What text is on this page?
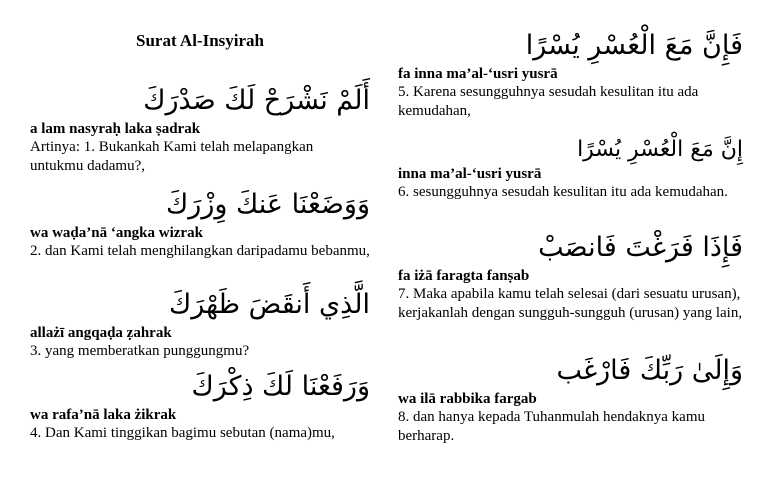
Surat Al-Insyirah
أَلَمْ نَشْرَحْ لَكَ صَدْرَكَ
a lam nasyraḥ laka ṣadrak
Artinya: 1. Bukankah Kami telah melapangkan untukmu dadamu?,
وَوَضَعْنَا عَنكَ وِزْرَكَ
wa waḍa’nā ‘angka wizrak
2. dan Kami telah menghilangkan daripadamu bebanmu,
الَّذِي أَنقَضَ ظَهْرَكَ
allażī angqaḍa ẓahrak
3. yang memberatkan punggungmu?
وَرَفَعْنَا لَكَ ذِكْرَكَ
wa rafa’nā laka żikrak
4. Dan Kami tinggikan bagimu sebutan (nama)mu,
فَإِنَّ مَعَ الْعُسْرِ يُسْرًا
fa inna ma’al-‘usri yusrā
5. Karena sesungguhnya sesudah kesulitan itu ada kemudahan,
إِنَّ مَعَ الْعُسْرِ يُسْرًا
inna ma’al-‘usri yusrā
6. sesungguhnya sesudah kesulitan itu ada kemudahan.
فَإِذَا فَرَغْتَ فَانصَبْ
fa iżā faragta fanṣab
7. Maka apabila kamu telah selesai (dari sesuatu urusan), kerjakanlah dengan sungguh-sungguh (urusan) yang lain,
وَإِلَىٰ رَبِّكَ فَارْغَب
wa ilā rabbika fargab
8. dan hanya kepada Tuhanmulah hendaknya kamu berharap.
